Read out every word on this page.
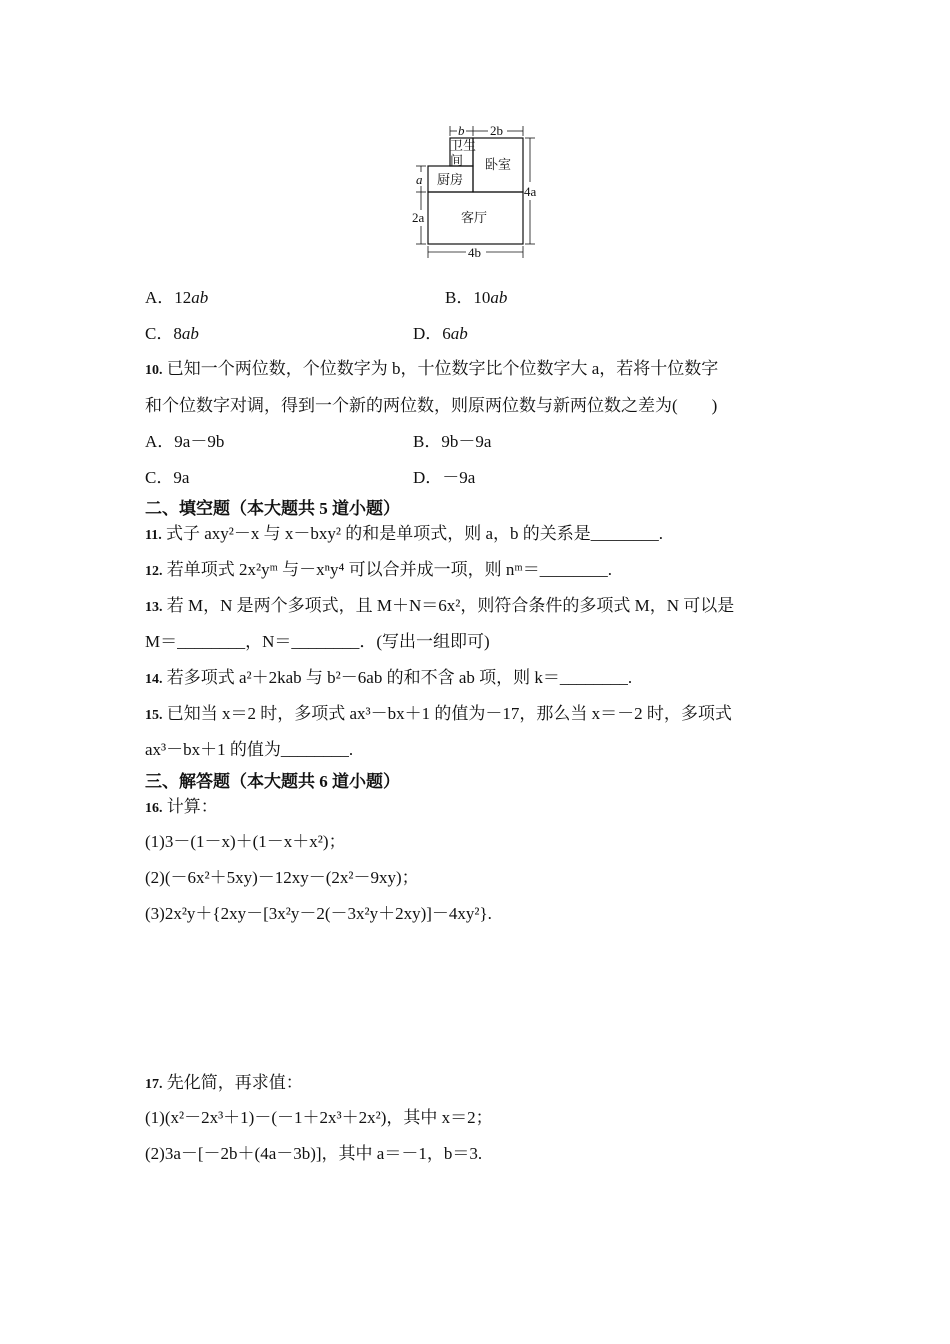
b 2b
a
2a
4a
4b
卫生
间 卧室
厨房
客厅
A．12ab	B．10ab
C．8ab	D．6ab
10. 已知一个两位数，个位数字为 b，十位数字比个位数字大 a，若将十位数字
和个位数字对调，得到一个新的两位数，则原两位数与新两位数之差为(　　)
A．9a－9b	B．9b－9a
C．9a	D．－9a
二、填空题（本大题共 5 道小题）
11. 式子 axy²－x 与 x－bxy² 的和是单项式，则 a，b 的关系是________.
12. 若单项式 2x²yᵐ 与－xⁿy⁴ 可以合并成一项，则 nᵐ＝________.
13. 若 M，N 是两个多项式，且 M＋N＝6x²，则符合条件的多项式 M，N 可以是
M＝________，N＝________．(写出一组即可)
14. 若多项式 a²＋2kab 与 b²－6ab 的和不含 ab 项，则 k＝________.
15. 已知当 x＝2 时，多项式 ax³－bx＋1 的值为－17，那么当 x＝－2 时，多项式
ax³－bx＋1 的值为________.
三、解答题（本大题共 6 道小题）
16. 计算：
(1)3－(1－x)＋(1－x＋x²)；
(2)(－6x²＋5xy)－12xy－(2x²－9xy)；
(3)2x²y＋{2xy－[3x²y－2(－3x²y＋2xy)]－4xy²}.
17. 先化简，再求值：
(1)(x²－2x³＋1)－(－1＋2x³＋2x²)，其中 x＝2；
(2)3a－[－2b＋(4a－3b)]，其中 a＝－1，b＝3.
